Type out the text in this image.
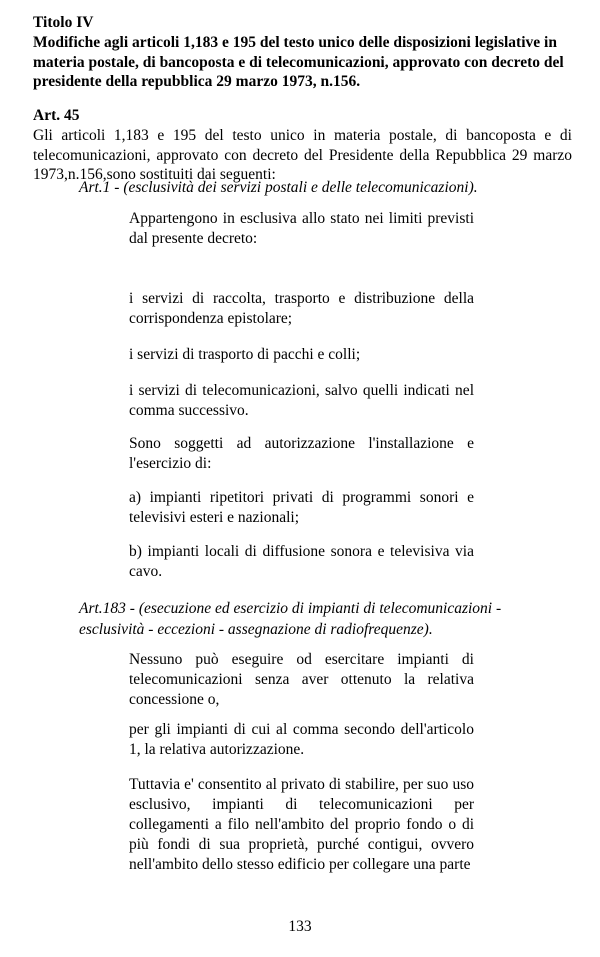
Titolo IV

Modifiche agli articoli 1,183 e 195 del testo unico delle disposizioni legislative in materia postale, di bancoposta e di telecomunicazioni, approvato con decreto del presidente della repubblica 29 marzo 1973, n.156.

Art. 45

Gli articoli 1,183 e 195 del testo unico in materia postale, di bancoposta e di telecomunicazioni, approvato con decreto del Presidente della Repubblica 29 marzo 1973,n.156,sono sostituiti dai seguenti:

Art.1 - (esclusività dei servizi postali e delle telecomunicazioni).

Appartengono in esclusiva allo stato nei limiti previsti dal presente decreto:

i servizi di raccolta, trasporto e distribuzione della corrispondenza epistolare;

i servizi di trasporto di pacchi e colli;

i servizi di telecomunicazioni, salvo quelli indicati nel comma successivo.

Sono soggetti ad autorizzazione l'installazione e l'esercizio di:

a) impianti ripetitori privati di programmi sonori e televisivi esteri e nazionali;

b) impianti locali di diffusione sonora e televisiva via cavo.

Art.183 - (esecuzione ed esercizio di impianti di telecomunicazioni - esclusività - eccezioni - assegnazione di radiofrequenze).

Nessuno può eseguire od esercitare impianti di telecomunicazioni senza aver ottenuto la relativa concessione o,

per gli impianti di cui al comma secondo dell'articolo 1, la relativa autorizzazione.

Tuttavia e' consentito al privato di stabilire, per suo uso esclusivo, impianti di telecomunicazioni per collegamenti a filo nell'ambito del proprio fondo o di più fondi di sua proprietà, purché contigui, ovvero nell'ambito dello stesso edificio per collegare una parte

133
